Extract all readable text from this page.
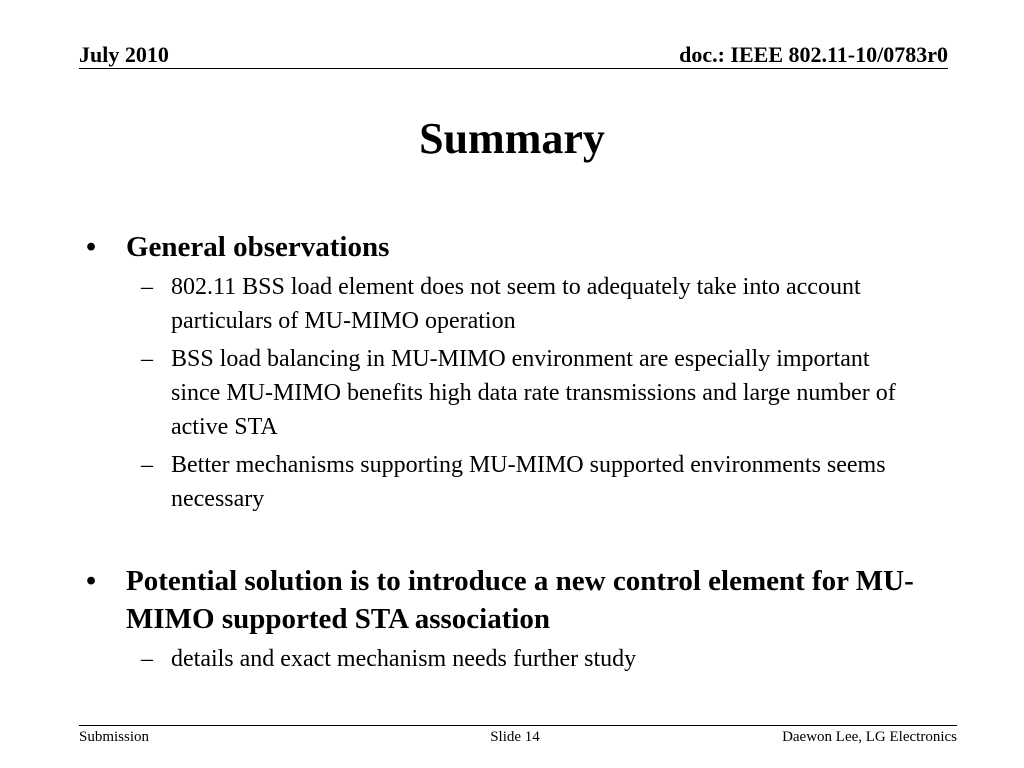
July 2010	doc.: IEEE 802.11-10/0783r0
Summary
• General observations
– 802.11 BSS load element does not seem to adequately take into account particulars of MU-MIMO operation
– BSS load balancing in MU-MIMO environment are especially important since MU-MIMO benefits high data rate transmissions and large number of active STA
– Better mechanisms supporting MU-MIMO supported environments seems necessary
• Potential solution is to introduce a new control element for MU-MIMO supported STA association
– details and exact mechanism needs further study
Submission	Slide 14	Daewon Lee, LG Electronics
